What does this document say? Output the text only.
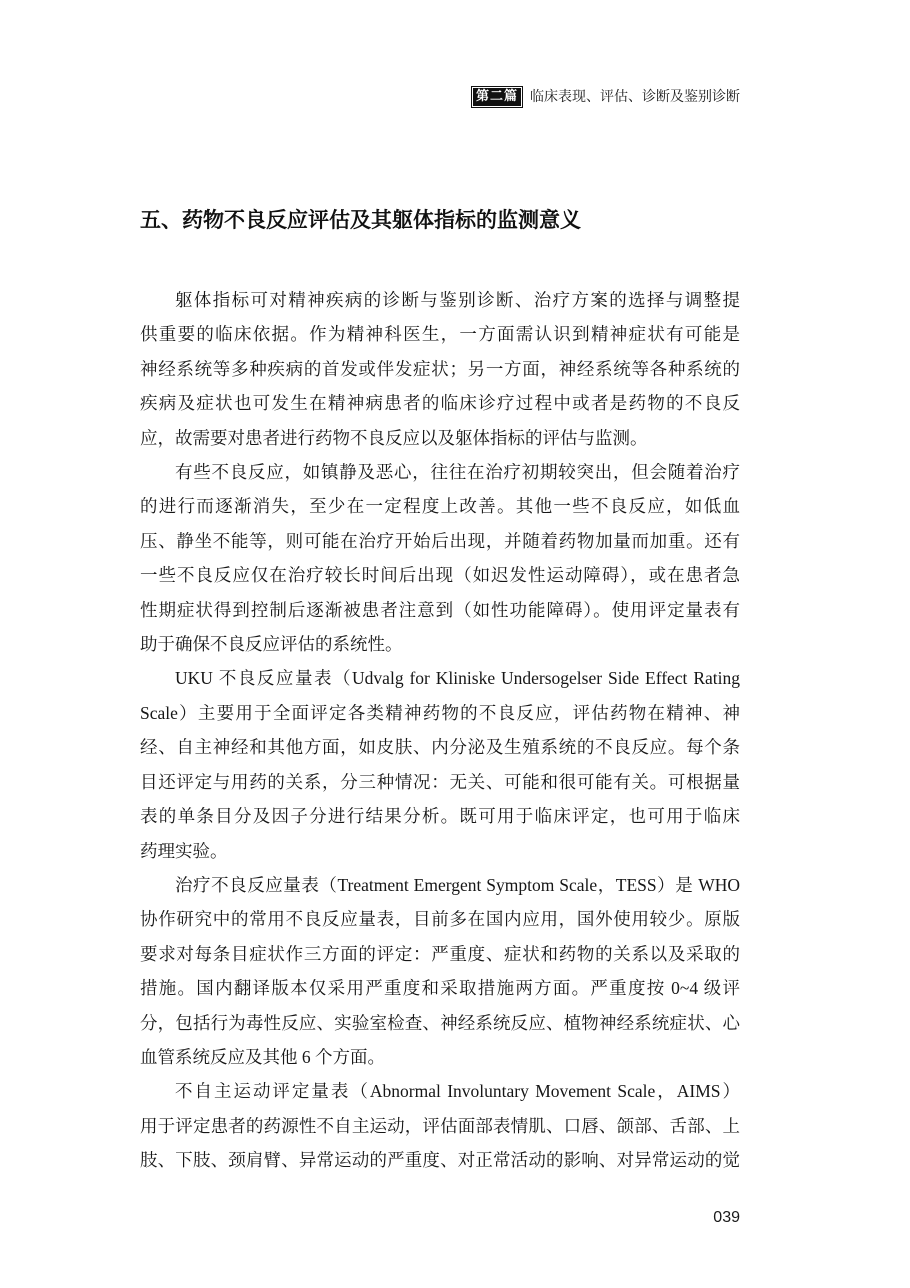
第二篇 临床表现、评估、诊断及鉴别诊断
五、药物不良反应评估及其躯体指标的监测意义
躯体指标可对精神疾病的诊断与鉴别诊断、治疗方案的选择与调整提
供重要的临床依据。作为精神科医生，一方面需认识到精神症状有可能是
神经系统等多种疾病的首发或伴发症状；另一方面，神经系统等各种系统的
疾病及症状也可发生在精神病患者的临床诊疗过程中或者是药物的不良反
应，故需要对患者进行药物不良反应以及躯体指标的评估与监测。
有些不良反应，如镇静及恶心，往往在治疗初期较突出，但会随着治疗
的进行而逐渐消失，至少在一定程度上改善。其他一些不良反应，如低血
压、静坐不能等，则可能在治疗开始后出现，并随着药物加量而加重。还有
一些不良反应仅在治疗较长时间后出现（如迟发性运动障碍），或在患者急
性期症状得到控制后逐渐被患者注意到（如性功能障碍）。使用评定量表有
助于确保不良反应评估的系统性。
UKU 不良反应量表（Udvalg for Kliniske Undersogelser Side Effect Rating
Scale）主要用于全面评定各类精神药物的不良反应，评估药物在精神、神
经、自主神经和其他方面，如皮肤、内分泌及生殖系统的不良反应。每个条
目还评定与用药的关系，分三种情况：无关、可能和很可能有关。可根据量
表的单条目分及因子分进行结果分析。既可用于临床评定，也可用于临床
药理实验。
治疗不良反应量表（Treatment Emergent Symptom Scale，TESS）是 WHO
协作研究中的常用不良反应量表，目前多在国内应用，国外使用较少。原版
要求对每条目症状作三方面的评定：严重度、症状和药物的关系以及采取的
措施。国内翻译版本仅采用严重度和采取措施两方面。严重度按 0~4 级评
分，包括行为毒性反应、实验室检查、神经系统反应、植物神经系统症状、心
血管系统反应及其他 6 个方面。
不自主运动评定量表（Abnormal Involuntary Movement Scale，AIMS）
用于评定患者的药源性不自主运动，评估面部表情肌、口唇、颌部、舌部、上
肢、下肢、颈肩臂、异常运动的严重度、对正常活动的影响、对异常运动的觉
039
